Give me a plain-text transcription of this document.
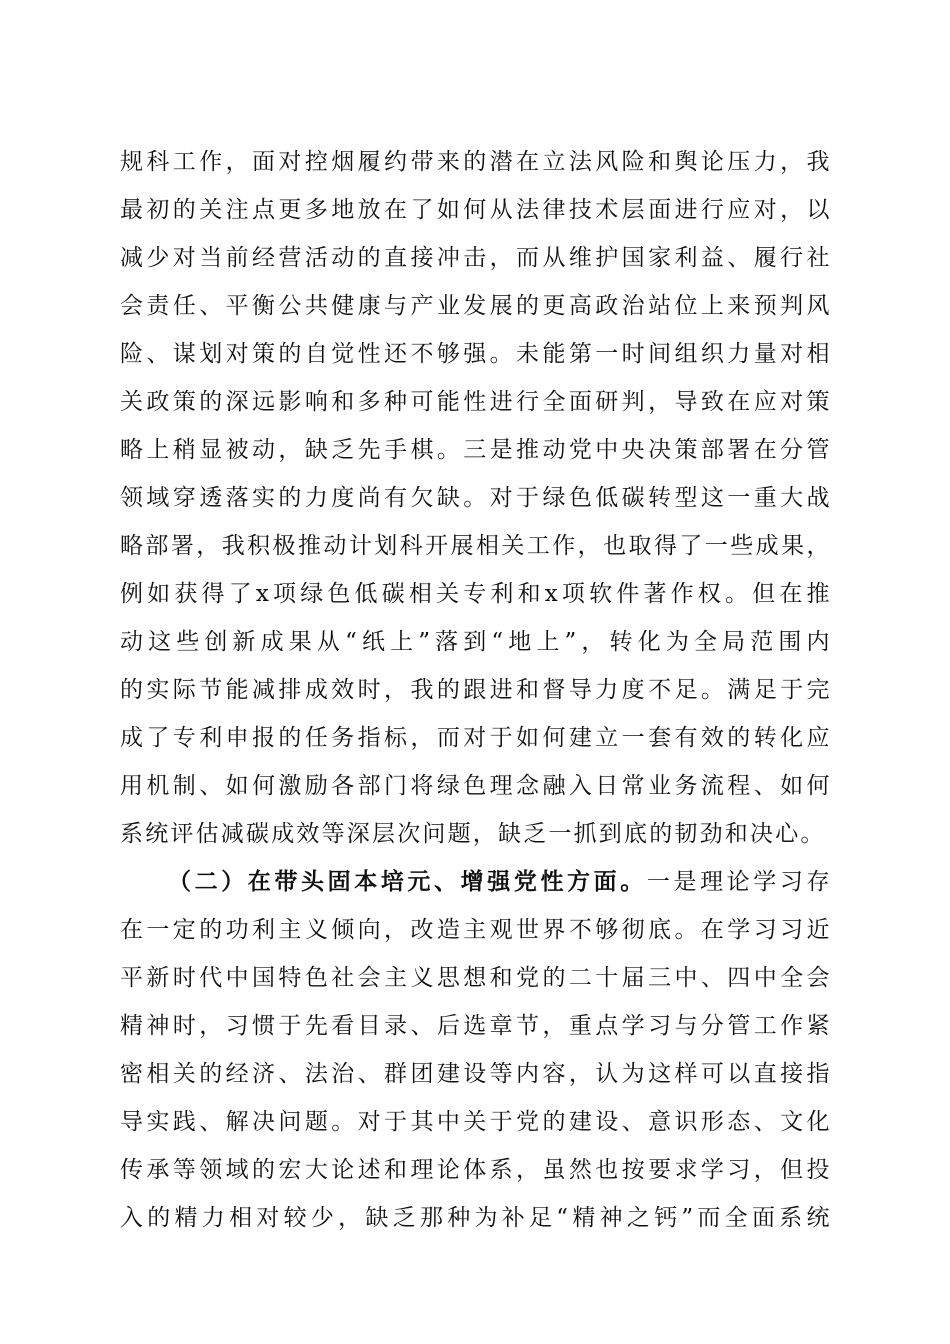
规科工作，面对控烟履约带来的潜在立法风险和舆论压力，我
最初的关注点更多地放在了如何从法律技术层面进行应对，以
减少对当前经营活动的直接冲击，而从维护国家利益、履行社
会责任、平衡公共健康与产业发展的更高政治站位上来预判风
险、谋划对策的自觉性还不够强。未能第一时间组织力量对相
关政策的深远影响和多种可能性进行全面研判，导致在应对策
略上稍显被动，缺乏先手棋。三是推动党中央决策部署在分管
领域穿透落实的力度尚有欠缺。对于绿色低碳转型这一重大战
略部署，我积极推动计划科开展相关工作，也取得了一些成果，
例如获得了x项绿色低碳相关专利和x项软件著作权。但在推
动这些创新成果从“纸上”落到“地上”，转化为全局范围内
的实际节能减排成效时，我的跟进和督导力度不足。满足于完
成了专利申报的任务指标，而对于如何建立一套有效的转化应
用机制、如何激励各部门将绿色理念融入日常业务流程、如何
系统评估减碳成效等深层次问题，缺乏一抓到底的韧劲和决心。
（二）在带头固本培元、增强党性方面。一是理论学习存
在一定的功利主义倾向，改造主观世界不够彻底。在学习习近
平新时代中国特色社会主义思想和党的二十届三中、四中全会
精神时，习惯于先看目录、后选章节，重点学习与分管工作紧
密相关的经济、法治、群团建设等内容，认为这样可以直接指
导实践、解决问题。对于其中关于党的建设、意识形态、文化
传承等领域的宏大论述和理论体系，虽然也按要求学习，但投
入的精力相对较少，缺乏那种为补足“精神之钙”而全面系统
